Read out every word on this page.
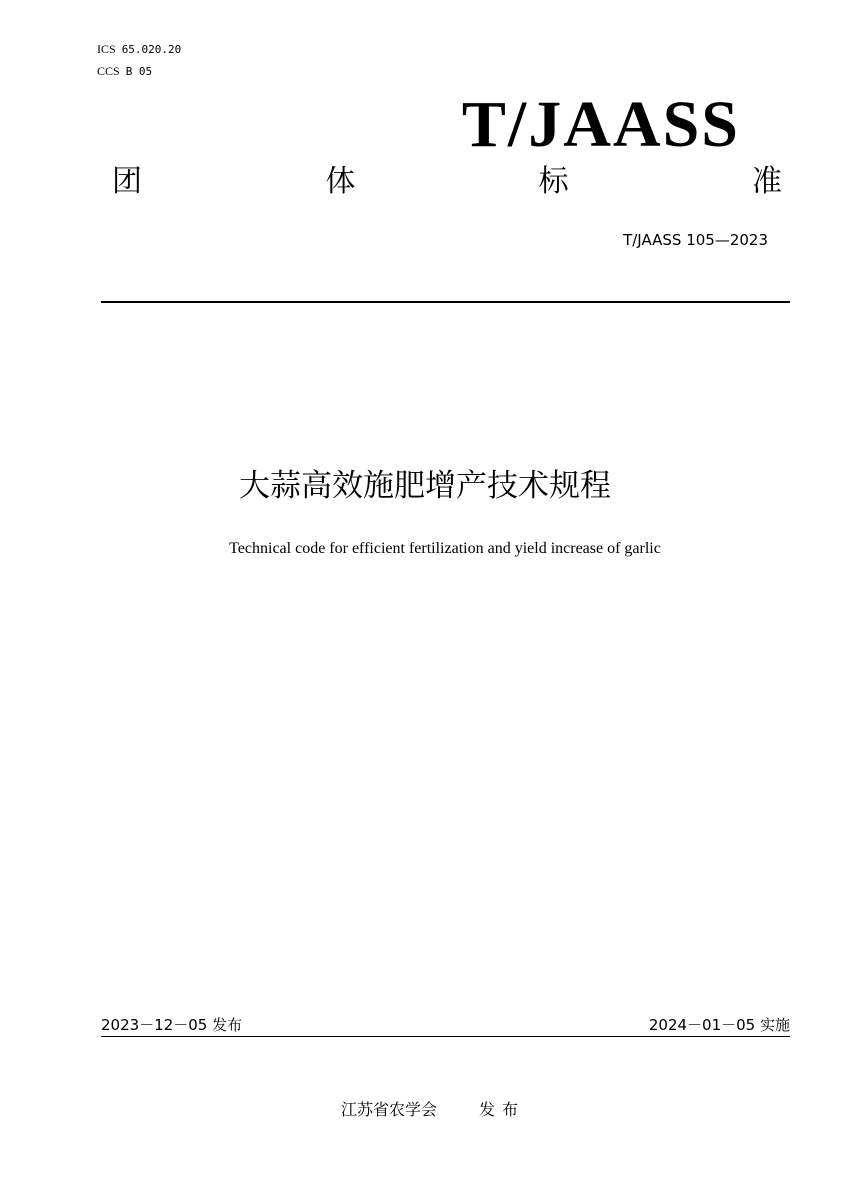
ICS 65.020.20
CCS B 05
T/JAASS
团	体	标	准
T/JAASS 105—2023
大蒜高效施肥增产技术规程
Technical code for efficient fertilization and yield increase of garlic
2023－12－05 发布	2024－01－05 实施
江苏省农学会	发布
